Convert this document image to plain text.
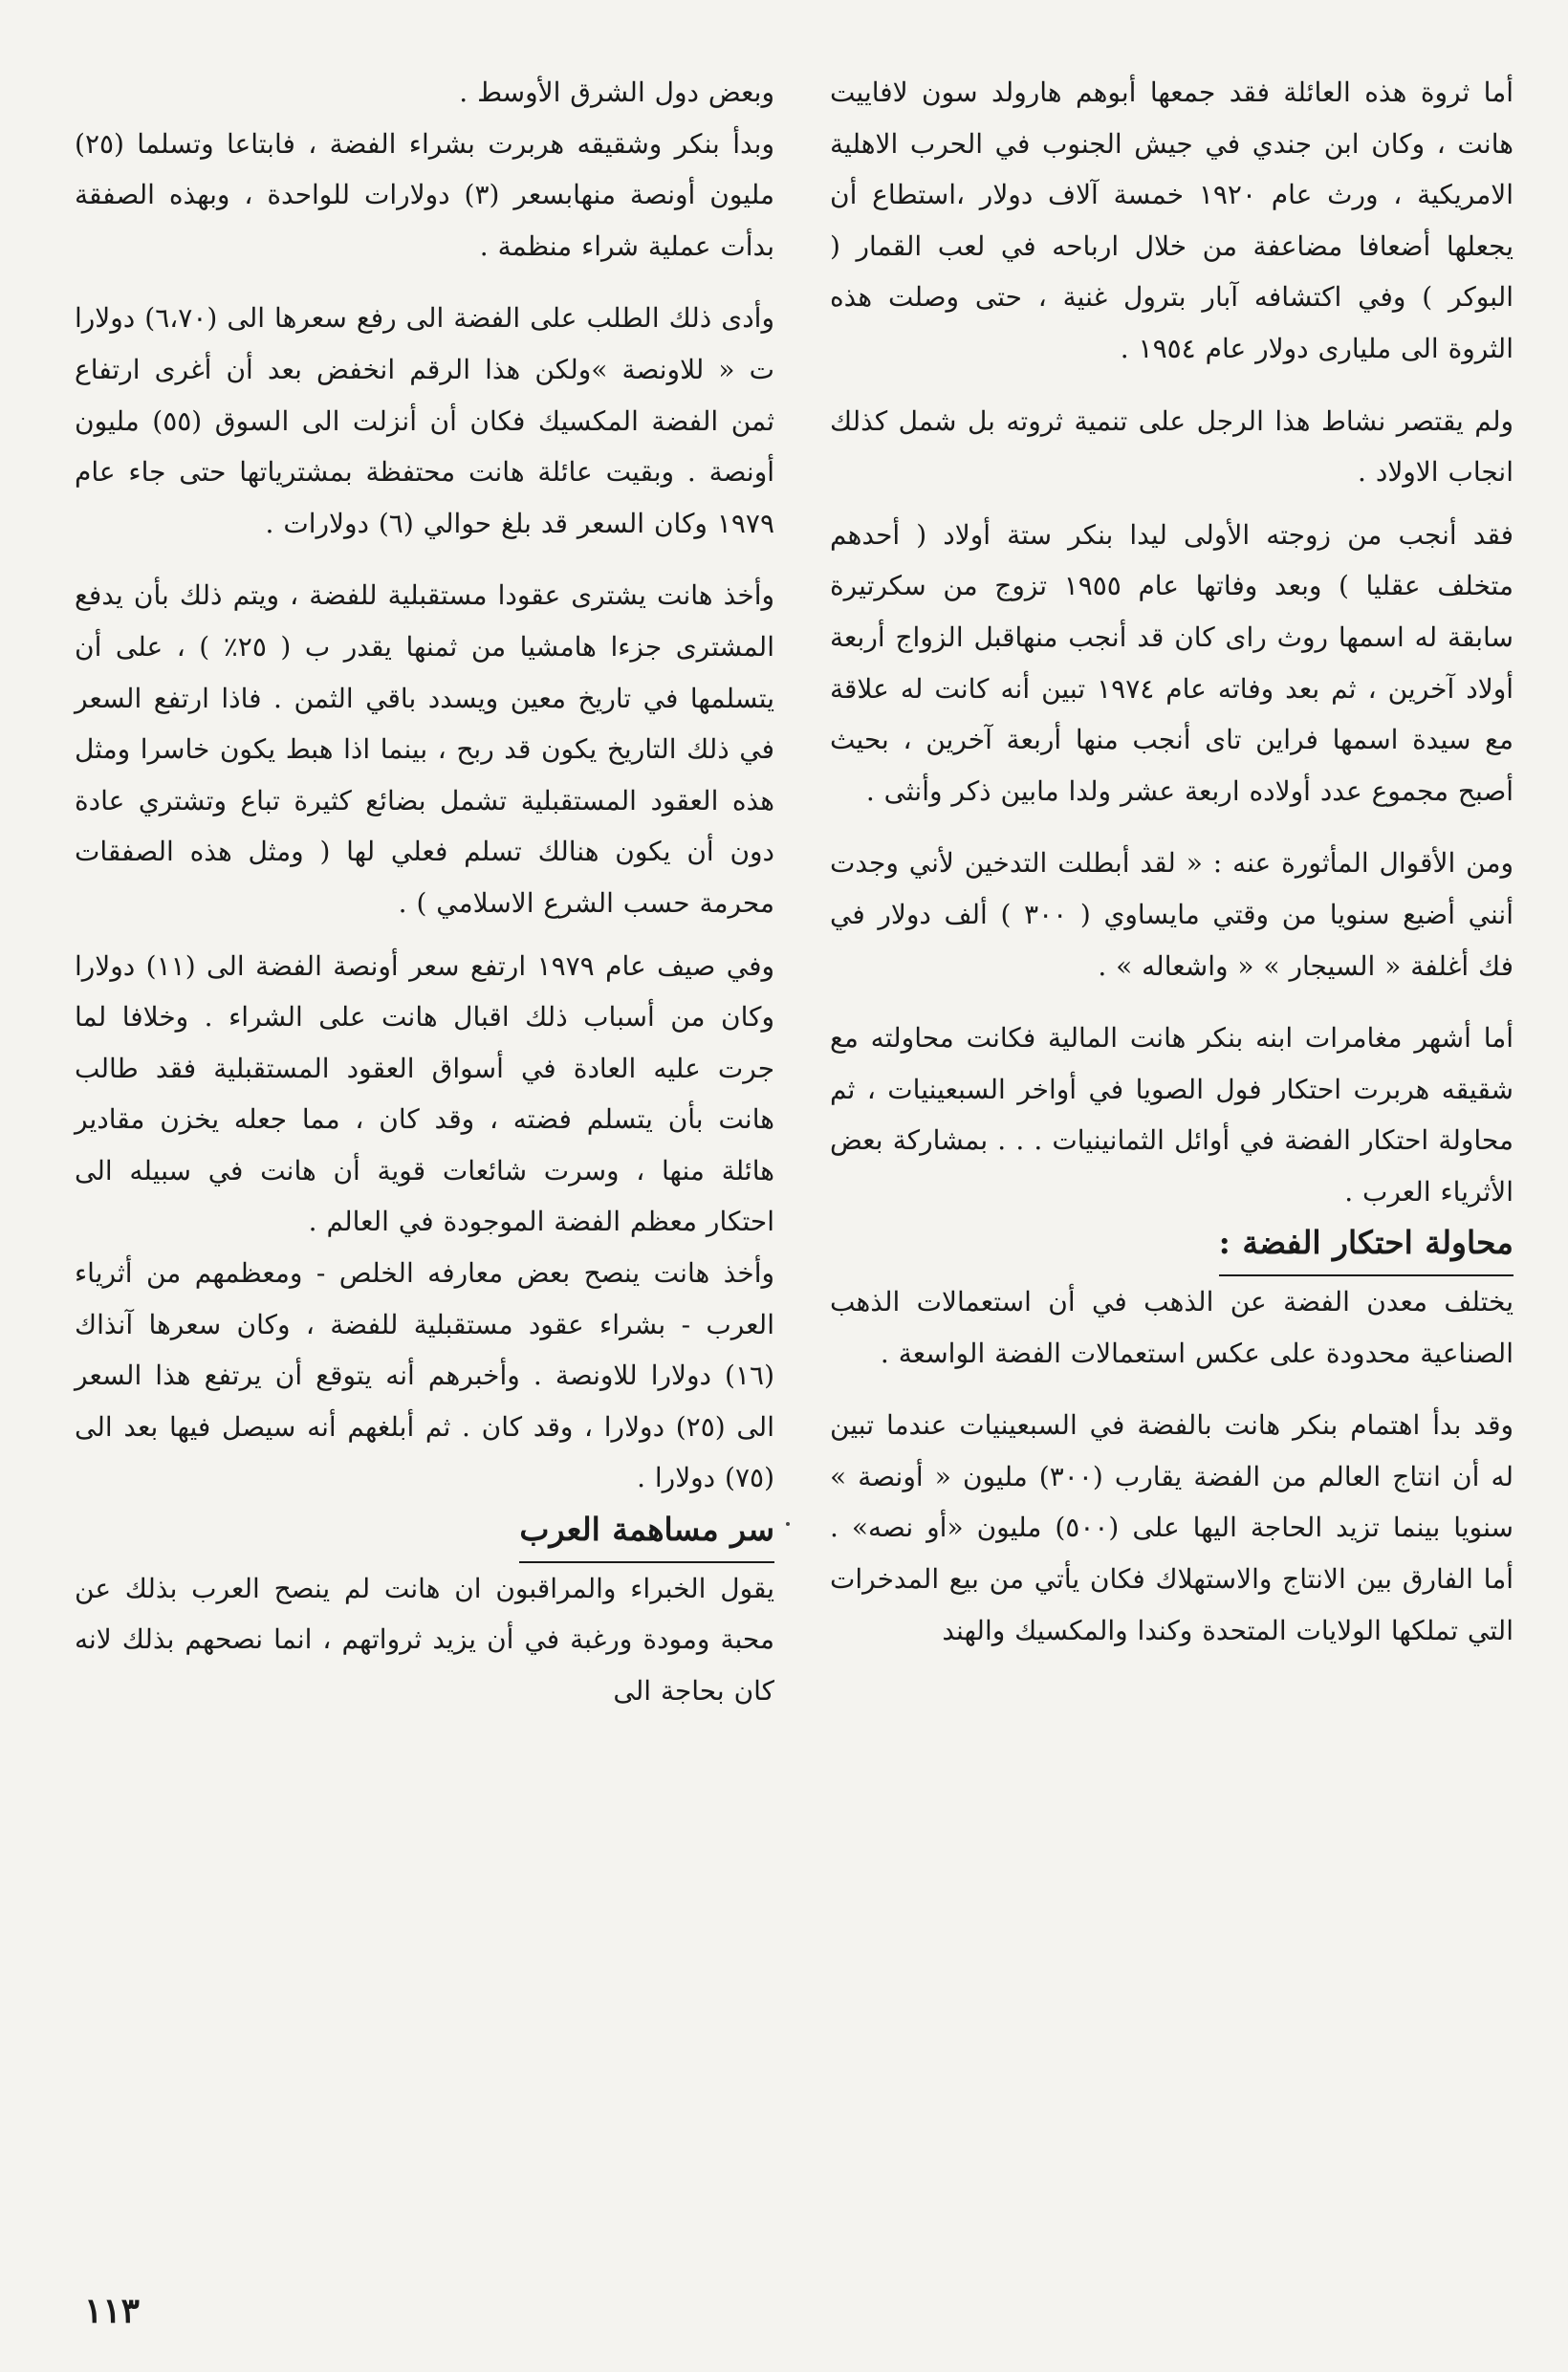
أما ثروة هذه العائلة فقد جمعها أبوهم هارولد سون لافاييت هانت ، وكان ابن جندي في جيش الجنوب في الحرب الاهلية الامريكية ، ورث عام ١٩٢٠ خمسة آلاف دولار ،استطاع أن يجعلها أضعافا مضاعفة من خلال ارباحه في لعب القمار ( البوكر ) وفي اكتشافه آبار بترول غنية ، حتى وصلت هذه الثروة الى مليارى دولار عام ١٩٥٤ .

ولم يقتصر نشاط هذا الرجل على تنمية ثروته بل شمل كذلك انجاب الاولاد .

فقد أنجب من زوجته الأولى ليدا بنكر ستة أولاد ( أحدهم متخلف عقليا ) وبعد وفاتها عام ١٩٥٥ تزوج من سكرتيرة سابقة له اسمها روث راى كان قد أنجب منهاقبل الزواج أربعة أولاد آخرين ، ثم بعد وفاته عام ١٩٧٤ تبين أنه كانت له علاقة مع سيدة اسمها فراين تاى أنجب منها أربعة آخرين ، بحيث أصبح مجموع عدد أولاده اربعة عشر ولدا مابين ذكر وأنثى .

ومن الأقوال المأثورة عنه : « لقد أبطلت التدخين لأني وجدت أنني أضيع سنويا من وقتي مايساوي ( ٣٠٠ ) ألف دولار في فك أغلفة « السيجار » « واشعاله » .

أما أشهر مغامرات ابنه بنكر هانت المالية فكانت محاولته مع شقيقه هربرت احتكار فول الصويا في أواخر السبعينيات ، ثم محاولة احتكار الفضة في أوائل الثمانينيات . . . بمشاركة بعض الأثرياء العرب .

محاولة احتكار الفضة :

يختلف معدن الفضة عن الذهب في أن استعمالات الذهب الصناعية محدودة على عكس استعمالات الفضة الواسعة .

وقد بدأ اهتمام بنكر هانت بالفضة في السبعينيات عندما تبين له أن انتاج العالم من الفضة يقارب (٣٠٠) مليون « أونصة » سنويا بينما تزيد الحاجة اليها على (٥٠٠) مليون «أو نصه» . أما الفارق بين الانتاج والاستهلاك فكان يأتي من بيع المدخرات التي تملكها الولايات المتحدة وكندا والمكسيك والهند

وبعض دول الشرق الأوسط .

وبدأ بنكر وشقيقه هربرت بشراء الفضة ، فابتاعا وتسلما (٢٥) مليون أونصة منهابسعر (٣) دولارات للواحدة ، وبهذه الصفقة بدأت عملية شراء منظمة .

وأدى ذلك الطلب على الفضة الى رفع سعرها الى (٦،٧٠) دولارا ت « للاونصة »ولكن هذا الرقم انخفض بعد أن أغرى ارتفاع ثمن الفضة المكسيك فكان أن أنزلت الى السوق (٥٥) مليون أونصة . وبقيت عائلة هانت محتفظة بمشترياتها حتى جاء عام ١٩٧٩ وكان السعر قد بلغ حوالي (٦) دولارات .

وأخذ هانت يشترى عقودا مستقبلية للفضة ، ويتم ذلك بأن يدفع المشترى جزءا هامشيا من ثمنها يقدر ب ( ٢٥٪ ) ، على أن يتسلمها في تاريخ معين ويسدد باقي الثمن . فاذا ارتفع السعر في ذلك التاريخ يكون قد ربح ، بينما اذا هبط يكون خاسرا ومثل هذه العقود المستقبلية تشمل بضائع كثيرة تباع وتشتري عادة دون أن يكون هنالك تسلم فعلي لها ( ومثل هذه الصفقات محرمة حسب الشرع الاسلامي ) .

وفي صيف عام ١٩٧٩ ارتفع سعر أونصة الفضة الى (١١) دولارا وكان من أسباب ذلك اقبال هانت على الشراء . وخلافا لما جرت عليه العادة في أسواق العقود المستقبلية فقد طالب هانت بأن يتسلم فضته ، وقد كان ، مما جعله يخزن مقادير هائلة منها ، وسرت شائعات قوية أن هانت في سبيله الى احتكار معظم الفضة الموجودة في العالم .

وأخذ هانت ينصح بعض معارفه الخلص - ومعظمهم من أثرياء العرب - بشراء عقود مستقبلية للفضة ، وكان سعرها آنذاك (١٦) دولارا للاونصة . وأخبرهم أنه يتوقع أن يرتفع هذا السعر الى (٢٥) دولارا ، وقد كان . ثم أبلغهم أنه سيصل فيها بعد الى (٧٥) دولارا .

سر مساهمة العرب

يقول الخبراء والمراقبون ان هانت لم ينصح العرب بذلك عن محبة ومودة ورغبة في أن يزيد ثرواتهم ، انما نصحهم بذلك لانه كان بحاجة الى

١١٣
